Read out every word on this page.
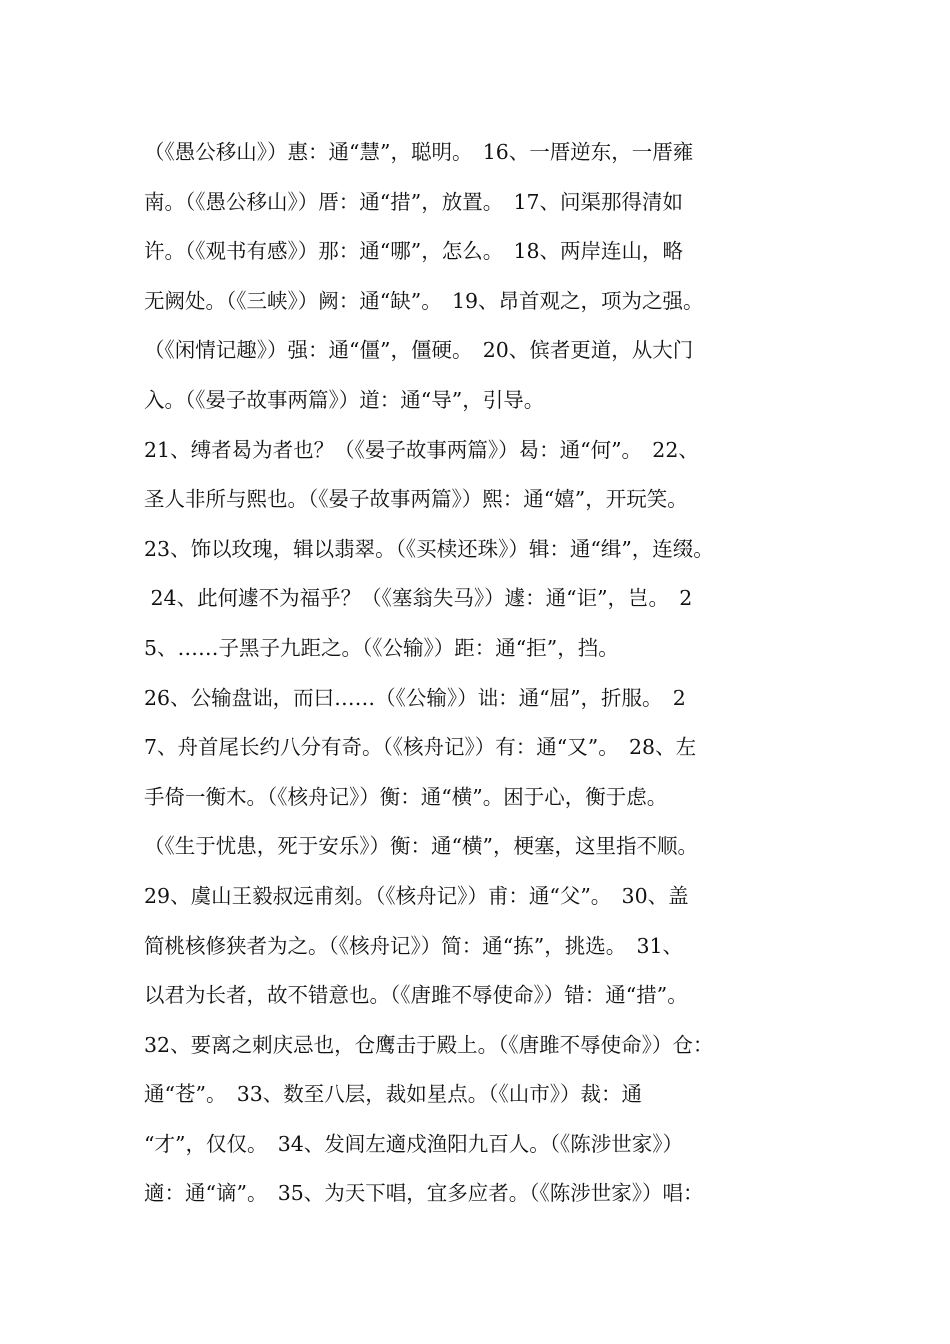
（《愚公移山》）惠：通“慧”，聪明。　16、一厝逆东，一厝雍
南。（《愚公移山》）厝：通“措”，放置。　17、问渠那得清如
许。（《观书有感》）那：通“哪”，怎么。　18、两岸连山，略
无阙处。（《三峡》）阙：通“缺”。　19、昂首观之，项为之强。
（《闲情记趣》）强：通“僵”，僵硬。　20、傧者更道，从大门
入。（《晏子故事两篇》）道：通“导”，引导。
21、缚者曷为者也？（《晏子故事两篇》）曷：通“何”。　22、
圣人非所与熙也。（《晏子故事两篇》）熙：通“嬉”，开玩笑。
23、饰以玫瑰，辑以翡翠。（《买椟还珠》）辑：通“缉”，连缀。
24、此何遽不为福乎？（《塞翁失马》）遽：通“讵”，岂。　2
5、……子黑子九距之。（《公输》）距：通“拒”，挡。
26、公输盘诎，而曰……（《公输》）诎：通“屈”，折服。　2
7、舟首尾长约八分有奇。（《核舟记》）有：通“又”。　28、左
手倚一衡木。（《核舟记》）衡：通“横”。困于心，衡于虑。
（《生于忧患，死于安乐》）衡：通“横”，梗塞，这里指不顺。
29、虞山王毅叔远甫刻。（《核舟记》）甫：通“父”。　30、盖
简桃核修狭者为之。（《核舟记》）简：通“拣”，挑选。　31、
以君为长者，故不错意也。（《唐雎不辱使命》）错：通“措”。
32、要离之刺庆忌也，仓鹰击于殿上。（《唐雎不辱使命》）仓：
通“苍”。　33、数至八层，裁如星点。（《山市》）裁：通
“才”，仅仅。　34、发闾左適戍渔阳九百人。（《陈涉世家》）
適：通“谪”。　35、为天下唱，宜多应者。（《陈涉世家》）唱：
